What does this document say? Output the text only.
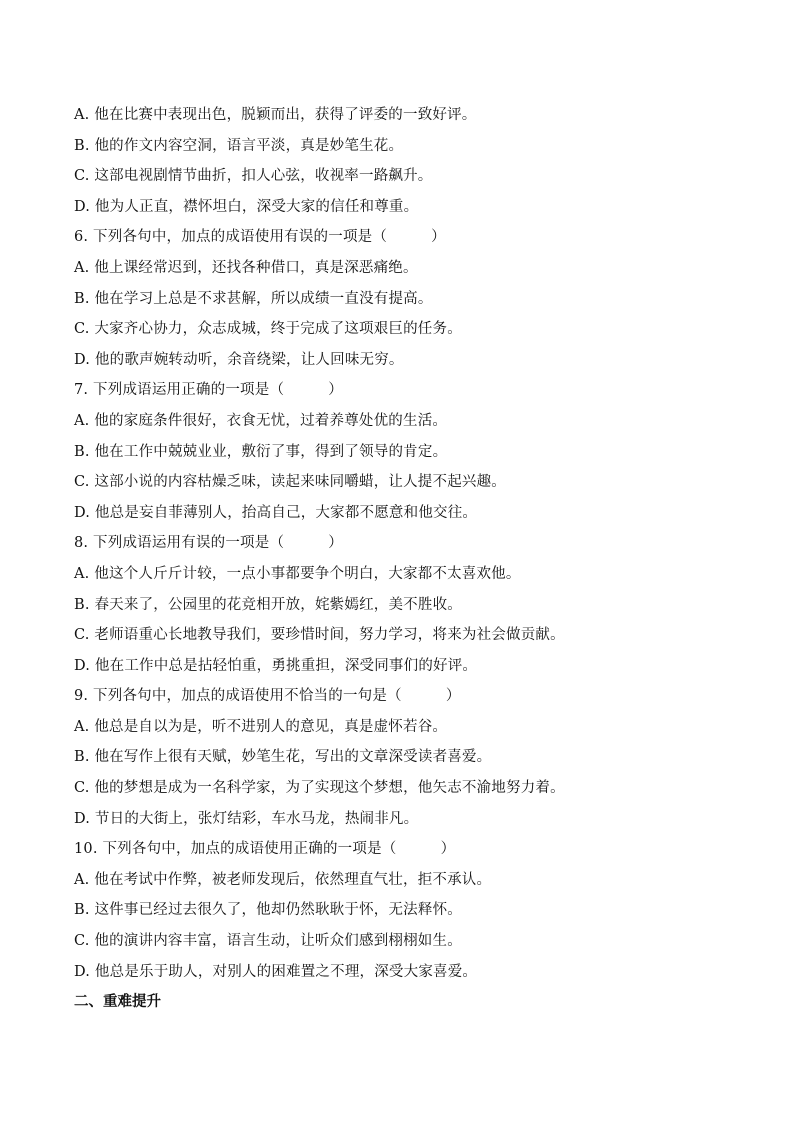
A. 他在比赛中表现出色，脱颖而出，获得了评委的一致好评。
B. 他的作文内容空洞，语言平淡，真是妙笔生花。
C. 这部电视剧情节曲折，扣人心弦，收视率一路飙升。
D. 他为人正直，襟怀坦白，深受大家的信任和尊重。
6. 下列各句中，加点的成语使用有误的一项是（　　　）
A. 他上课经常迟到，还找各种借口，真是深恶痛绝。
B. 他在学习上总是不求甚解，所以成绩一直没有提高。
C. 大家齐心协力，众志成城，终于完成了这项艰巨的任务。
D. 他的歌声婉转动听，余音绕梁，让人回味无穷。
7. 下列成语运用正确的一项是（　　　）
A. 他的家庭条件很好，衣食无忧，过着养尊处优的生活。
B. 他在工作中兢兢业业，敷衍了事，得到了领导的肯定。
C. 这部小说的内容枯燥乏味，读起来味同嚼蜡，让人提不起兴趣。
D. 他总是妄自菲薄别人，抬高自己，大家都不愿意和他交往。
8. 下列成语运用有误的一项是（　　　）
A. 他这个人斤斤计较，一点小事都要争个明白，大家都不太喜欢他。
B. 春天来了，公园里的花竞相开放，姹紫嫣红，美不胜收。
C. 老师语重心长地教导我们，要珍惜时间，努力学习，将来为社会做贡献。
D. 他在工作中总是拈轻怕重，勇挑重担，深受同事们的好评。
9. 下列各句中，加点的成语使用不恰当的一句是（　　　）
A. 他总是自以为是，听不进别人的意见，真是虚怀若谷。
B. 他在写作上很有天赋，妙笔生花，写出的文章深受读者喜爱。
C. 他的梦想是成为一名科学家，为了实现这个梦想，他矢志不渝地努力着。
D. 节日的大街上，张灯结彩，车水马龙，热闹非凡。
10. 下列各句中，加点的成语使用正确的一项是（　　　）
A. 他在考试中作弊，被老师发现后，依然理直气壮，拒不承认。
B. 这件事已经过去很久了，他却仍然耿耿于怀，无法释怀。
C. 他的演讲内容丰富，语言生动，让听众们感到栩栩如生。
D. 他总是乐于助人，对别人的困难置之不理，深受大家喜爱。
二、重难提升
